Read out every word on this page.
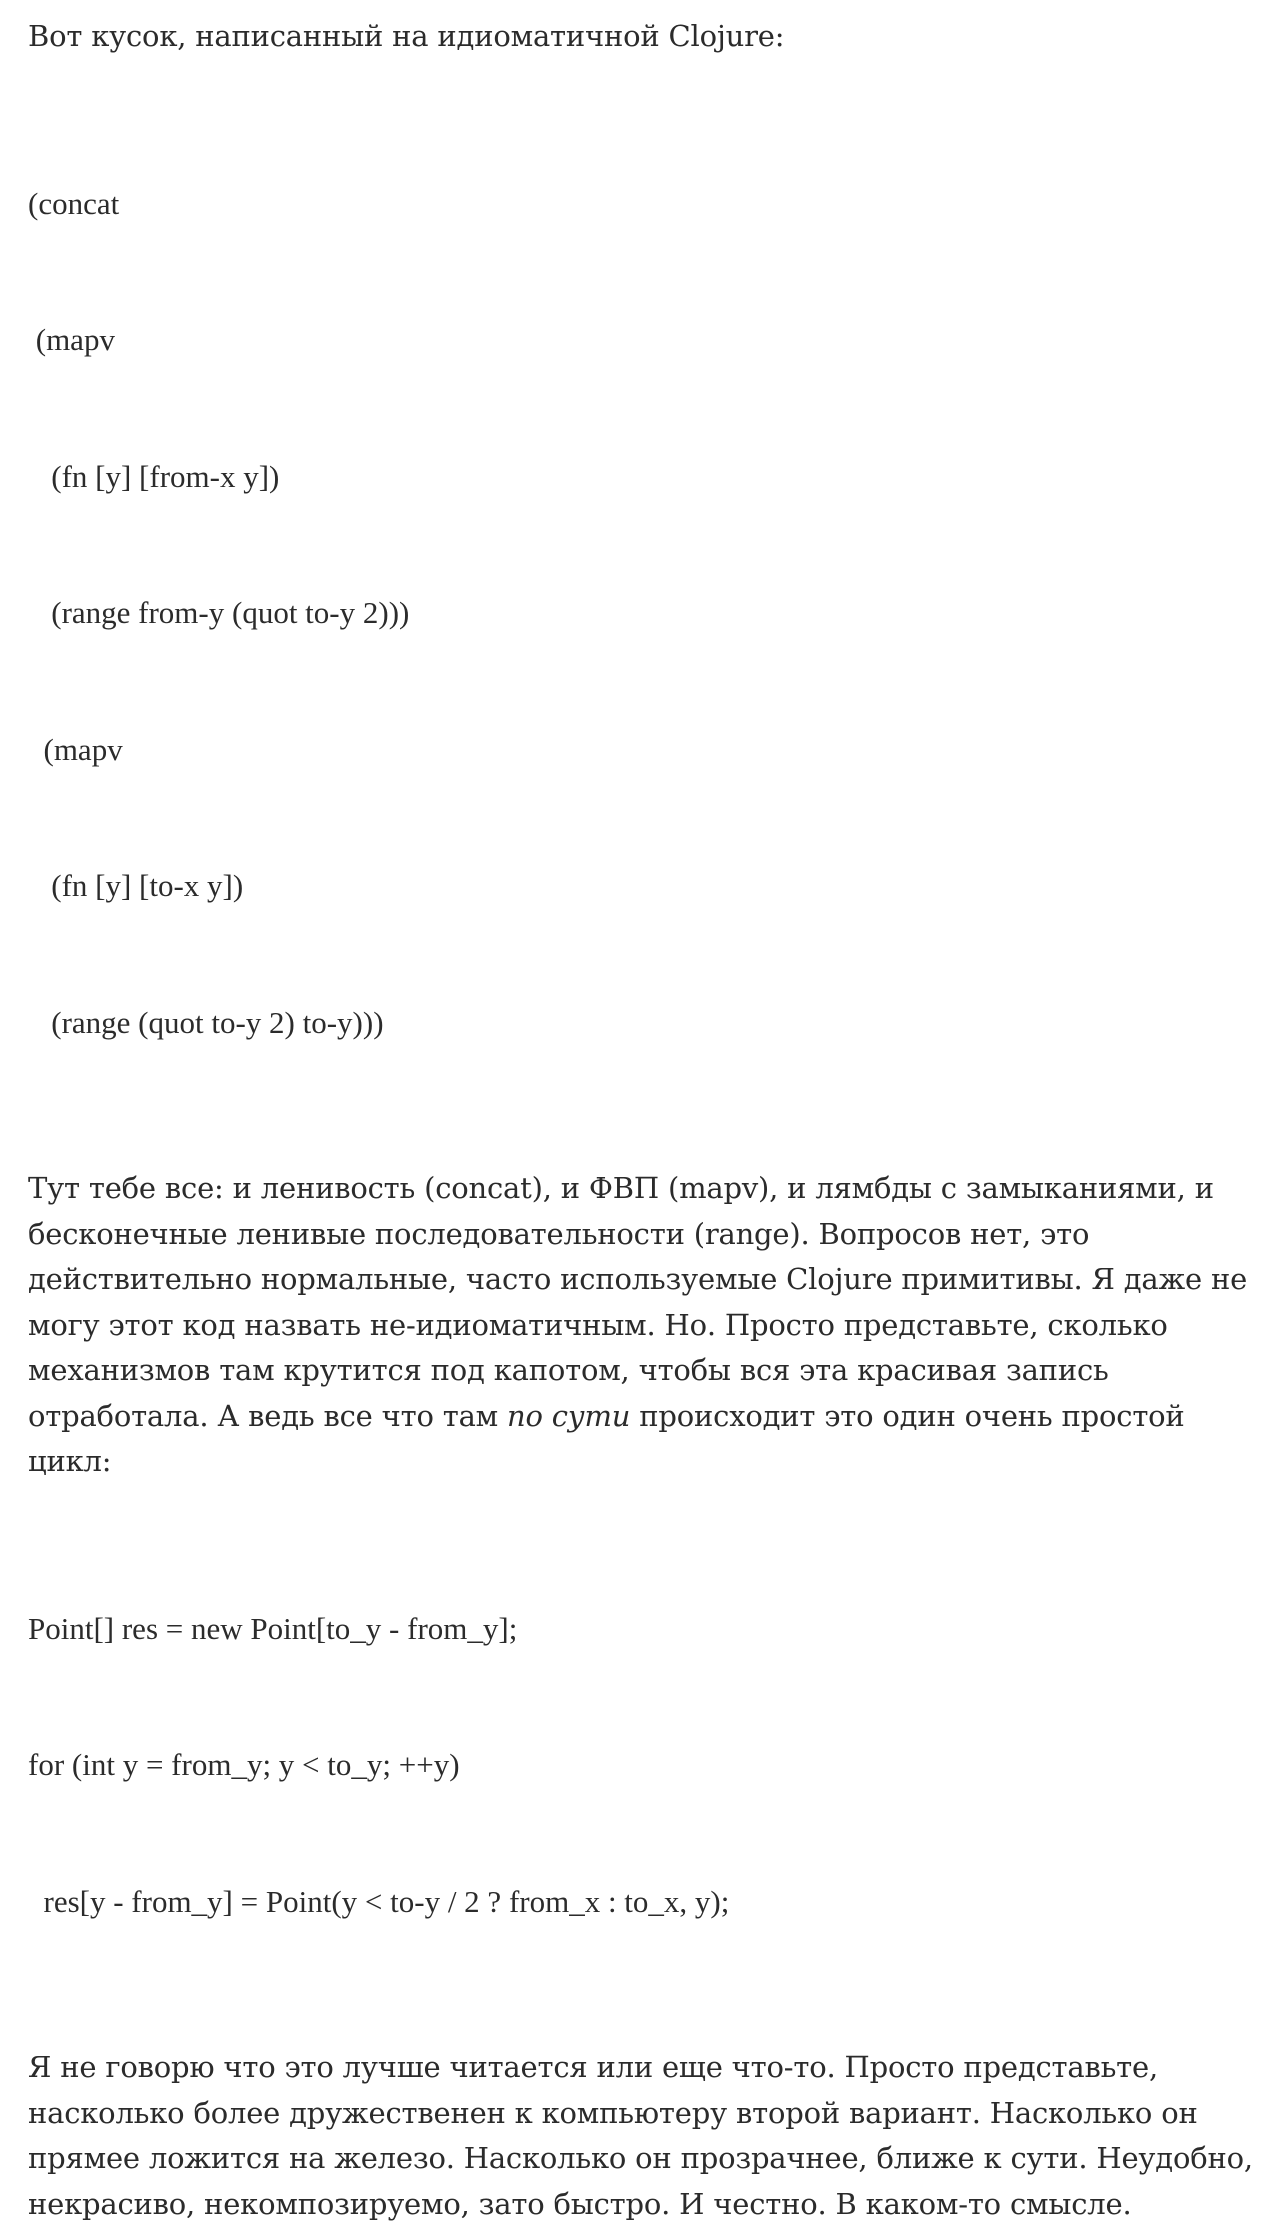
Вот кусок, написанный на идиоматичной Clojure:

(concat

(mapv

(fn [y] [from-x y])

(range from-y (quot to-y 2)))

(mapv

(fn [y] [to-x y])

(range (quot to-y 2) to-y)))

Тут тебе все: и ленивость (concat), и ФВП (mapv), и лямбды с замыканиями, и бесконечные ленивые последовательности (range). Вопросов нет, это действительно нормальные, часто используемые Clojure примитивы. Я даже не могу этот код назвать не-идиоматичным. Но. Просто представьте, сколько механизмов там крутится под капотом, чтобы вся эта красивая запись отработала. А ведь все что там по сути происходит это один очень простой цикл:

Point[] res = new Point[to_y - from_y];

for (int y = from_y; y < to_y; ++y)

res[y - from_y] = Point(y < to-y / 2 ? from_x : to_x, y);

Я не говорю что это лучше читается или еще что-то. Просто представьте, насколько более дружественен к компьютеру второй вариант. Насколько он прямее ложится на железо. Насколько он прозрачнее, ближе к сути. Неудобно, некрасиво, некомпозируемо, зато быстро. И честно. В каком-то смысле.
